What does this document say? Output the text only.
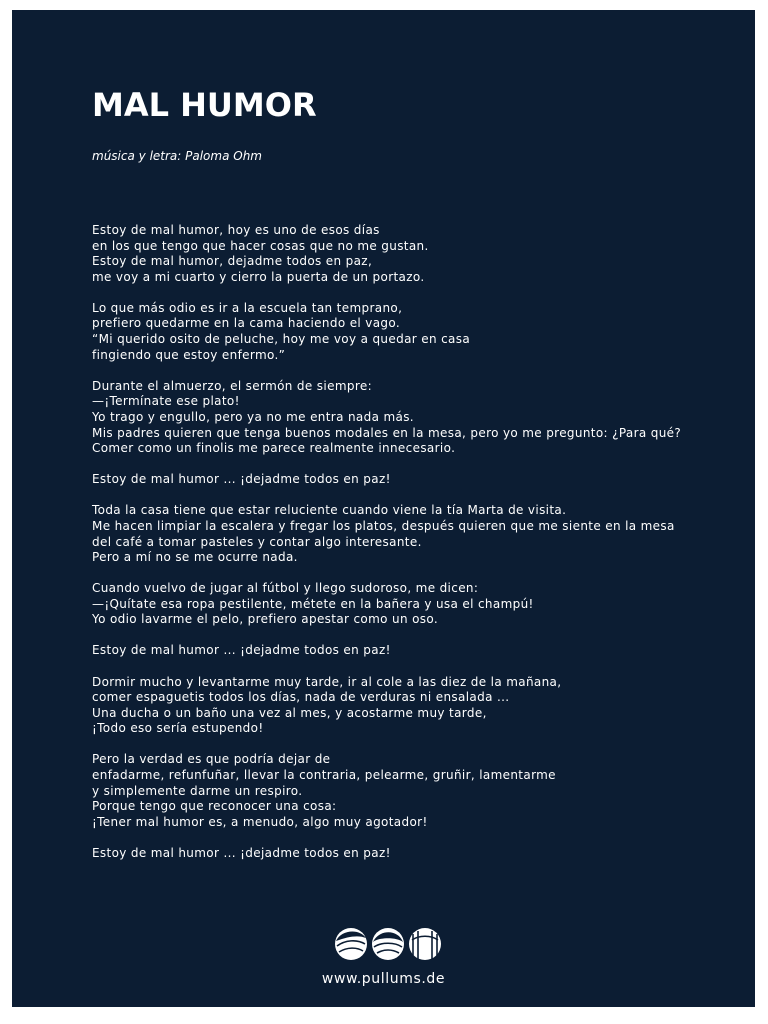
MAL HUMOR

música y letra: Paloma Ohm

Estoy de mal humor, hoy es uno de esos días
en los que tengo que hacer cosas que no me gustan.
Estoy de mal humor, dejadme todos en paz,
me voy a mi cuarto y cierro la puerta de un portazo.

Lo que más odio es ir a la escuela tan temprano,
prefiero quedarme en la cama haciendo el vago.
“Mi querido osito de peluche, hoy me voy a quedar en casa
fingiendo que estoy enfermo.”

Durante el almuerzo, el sermón de siempre:
—¡Termínate ese plato!
Yo trago y engullo, pero ya no me entra nada más.
Mis padres quieren que tenga buenos modales en la mesa, pero yo me pregunto: ¿Para qué?
Comer como un finolis me parece realmente innecesario.

Estoy de mal humor ... ¡dejadme todos en paz!

Toda la casa tiene que estar reluciente cuando viene la tía Marta de visita.
Me hacen limpiar la escalera y fregar los platos, después quieren que me siente en la mesa
del café a tomar pasteles y contar algo interesante.
Pero a mí no se me ocurre nada.

Cuando vuelvo de jugar al fútbol y llego sudoroso, me dicen:
—¡Quítate esa ropa pestilente, métete en la bañera y usa el champú!
Yo odio lavarme el pelo, prefiero apestar como un oso.

Estoy de mal humor ... ¡dejadme todos en paz!

Dormir mucho y levantarme muy tarde, ir al cole a las diez de la mañana,
comer espaguetis todos los días, nada de verduras ni ensalada ...
Una ducha o un baño una vez al mes, y acostarme muy tarde,
¡Todo eso sería estupendo!

Pero la verdad es que podría dejar de
enfadarme, refunfuñar, llevar la contraria, pelearme, gruñir, lamentarme
y simplemente darme un respiro.
Porque tengo que reconocer una cosa:
¡Tener mal humor es, a menudo, algo muy agotador!

Estoy de mal humor ... ¡dejadme todos en paz!

www.pullums.de
